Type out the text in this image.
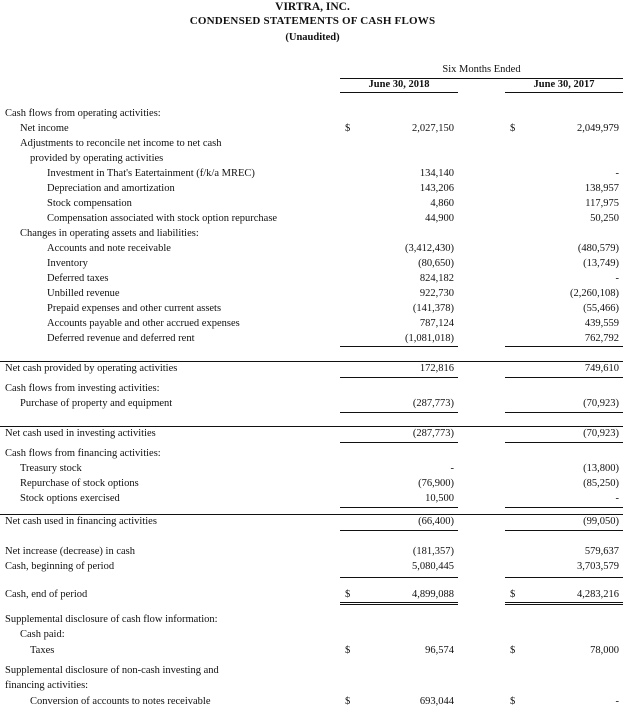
VIRTRA, INC.
CONDENSED STATEMENTS OF CASH FLOWS
(Unaudited)
Six Months Ended
June 30, 2018	June 30, 2017
Cash flows from operating activities:
Net income	$	2,027,150	$	2,049,979
Adjustments to reconcile net income to net cash
provided by operating activities
Investment in That's Eatertainment (f/k/a MREC)	134,140	-
Depreciation and amortization	143,206	138,957
Stock compensation	4,860	117,975
Compensation associated with stock option repurchase	44,900	50,250
Changes in operating assets and liabilities:
Accounts and note receivable	(3,412,430)	(480,579)
Inventory	(80,650)	(13,749)
Deferred taxes	824,182	-
Unbilled revenue	922,730	(2,260,108)
Prepaid expenses and other current assets	(141,378)	(55,466)
Accounts payable and other accrued expenses	787,124	439,559
Deferred revenue and deferred rent	(1,081,018)	762,792
Net cash provided by operating activities	172,816	749,610
Cash flows from investing activities:
Purchase of property and equipment	(287,773)	(70,923)
Net cash used in investing activities	(287,773)	(70,923)
Cash flows from financing activities:
Treasury stock	-	(13,800)
Repurchase of stock options	(76,900)	(85,250)
Stock options exercised	10,500	-
Net cash used in financing activities	(66,400)	(99,050)
Net increase (decrease) in cash	(181,357)	579,637
Cash, beginning of period	5,080,445	3,703,579
Cash, end of period	$	4,899,088	$	4,283,216
Supplemental disclosure of cash flow information:
Cash paid:
Taxes	$	96,574	$	78,000
Supplemental disclosure of non-cash investing and
financing activities:
Conversion of accounts to notes receivable	$	693,044	$	-
